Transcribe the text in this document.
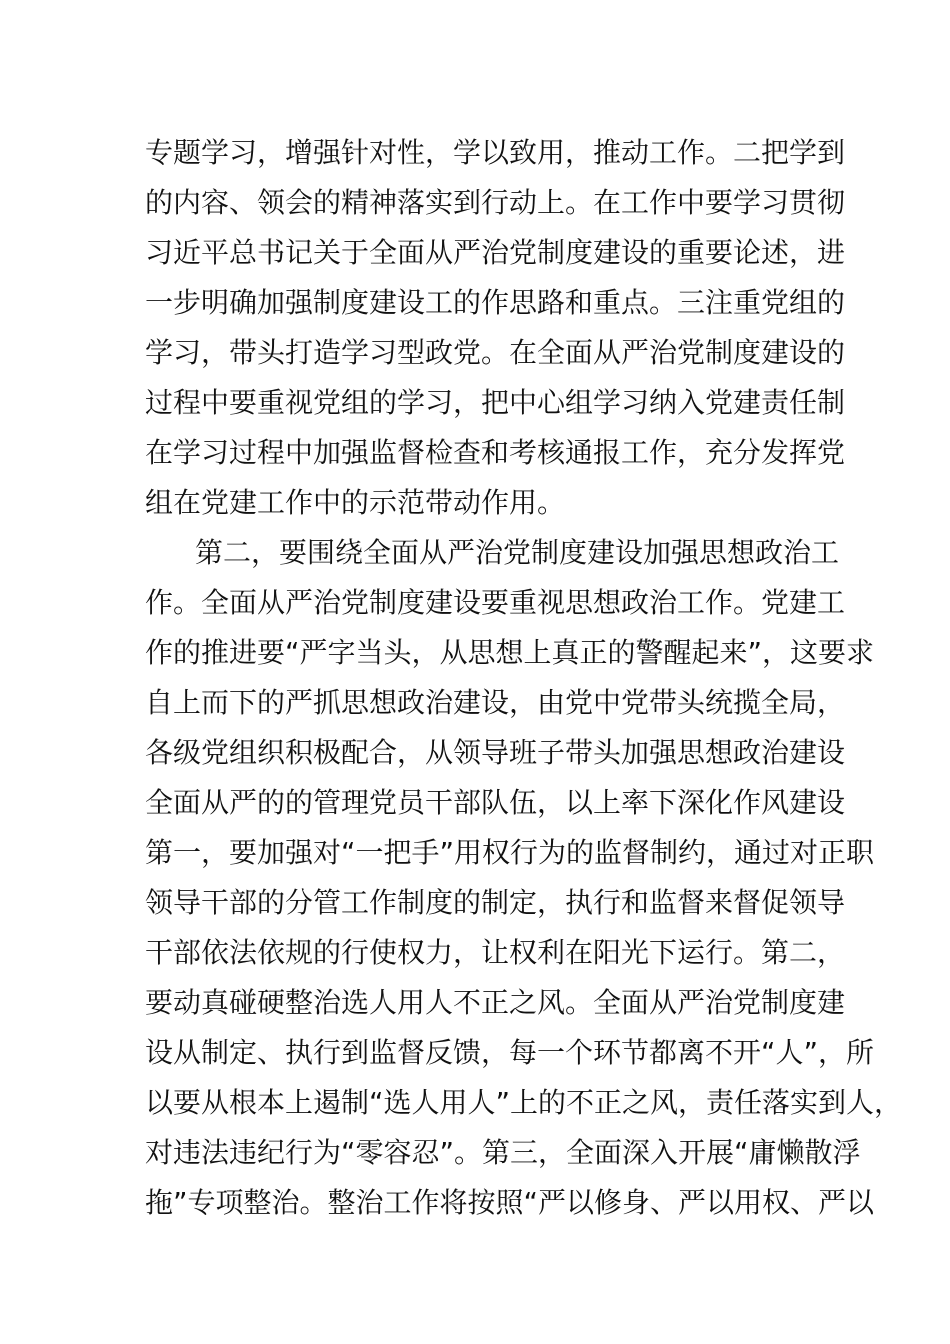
专题学习，增强针对性，学以致用，推动工作。二把学到
的内容、领会的精神落实到行动上。在工作中要学习贯彻
习近平总书记关于全面从严治党制度建设的重要论述，进
一步明确加强制度建设工的作思路和重点。三注重党组的
学习，带头打造学习型政党。在全面从严治党制度建设的
过程中要重视党组的学习，把中心组学习纳入党建责任制
在学习过程中加强监督检查和考核通报工作，充分发挥党
组在党建工作中的示范带动作用。
第二，要围绕全面从严治党制度建设加强思想政治工
作。全面从严治党制度建设要重视思想政治工作。党建工
作的推进要“严字当头，从思想上真正的警醒起来”，这要求
自上而下的严抓思想政治建设，由党中党带头统揽全局，
各级党组织积极配合，从领导班子带头加强思想政治建设
全面从严的的管理党员干部队伍，以上率下深化作风建设
第一，要加强对“一把手”用权行为的监督制约，通过对正职
领导干部的分管工作制度的制定，执行和监督来督促领导
干部依法依规的行使权力，让权利在阳光下运行。第二，
要动真碰硬整治选人用人不正之风。全面从严治党制度建
设从制定、执行到监督反馈，每一个环节都离不开“人”，所
以要从根本上遏制“选人用人”上的不正之风，责任落实到人，
对违法违纪行为“零容忍”。第三，全面深入开展“庸懒散浮
拖”专项整治。整治工作将按照“严以修身、严以用权、严以
